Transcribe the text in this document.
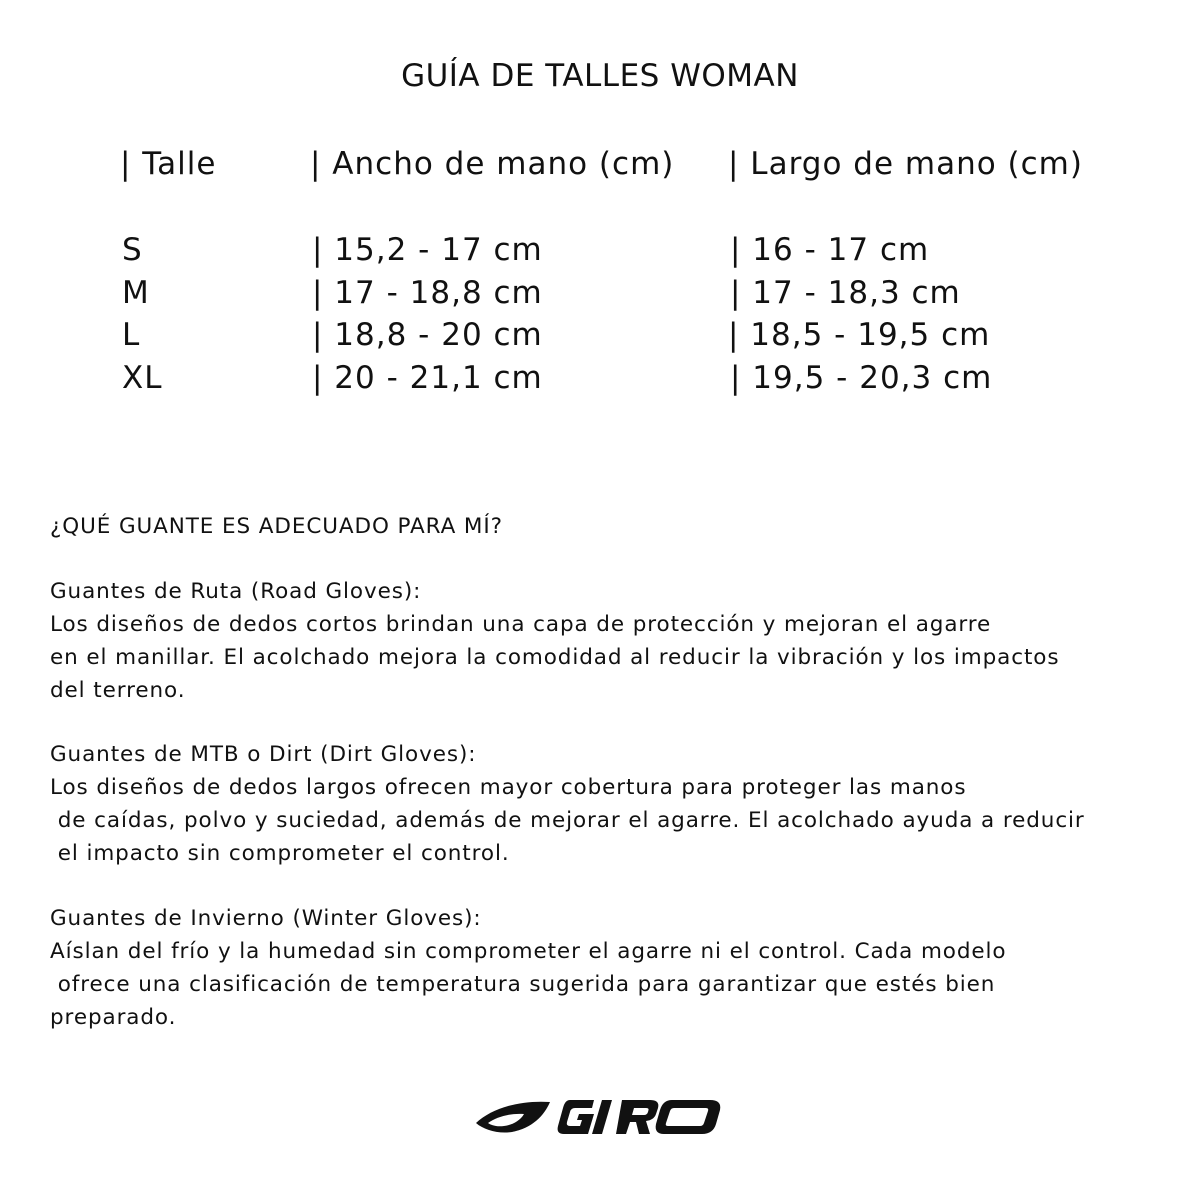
GUÍA DE TALLES WOMAN
| Talle	| Ancho de mano (cm) | Largo de mano (cm)
S	| 15,2 - 17 cm	| 16 - 17 cm
M	| 17 - 18,8 cm	| 17 - 18,3 cm
L	| 18,8 - 20 cm	| 18,5 - 19,5 cm
XL	| 20 - 21,1 cm	| 19,5 - 20,3 cm
¿QUÉ GUANTE ES ADECUADO PARA MÍ?
Guantes de Ruta (Road Gloves):
Los diseños de dedos cortos brindan una capa de protección y mejoran el agarre
en el manillar. El acolchado mejora la comodidad al reducir la vibración y los impactos
del terreno.
Guantes de MTB o Dirt (Dirt Gloves):
Los diseños de dedos largos ofrecen mayor cobertura para proteger las manos
de caídas, polvo y suciedad, además de mejorar el agarre. El acolchado ayuda a reducir
el impacto sin comprometer el control.
Guantes de Invierno (Winter Gloves):
Aíslan del frío y la humedad sin comprometer el agarre ni el control. Cada modelo
ofrece una clasificación de temperatura sugerida para garantizar que estés bien
preparado.
